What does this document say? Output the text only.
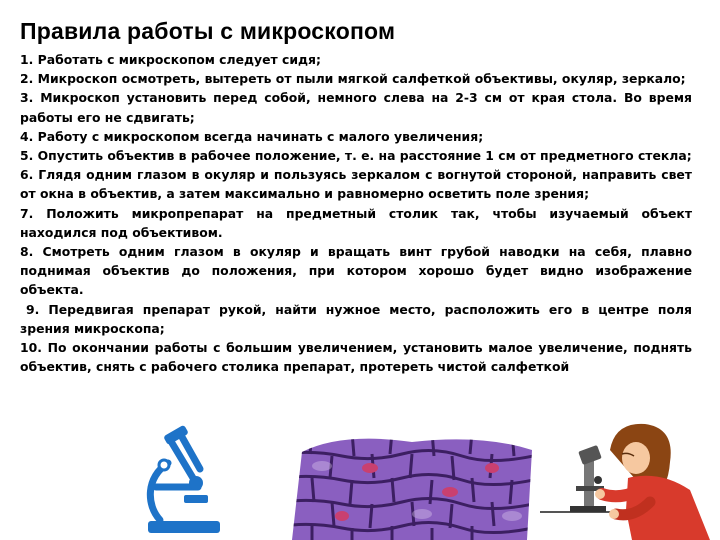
Правила работы с микроскопом

1. Работать с микроскопом следует сидя;

2. Микроскоп осмотреть, вытереть от пыли мягкой салфеткой объективы, окуляр, зеркало;

3. Микроскоп установить перед собой, немного слева на 2-3 см от края стола. Во время работы его не сдвигать;

4. Работу с микроскопом всегда начинать с малого увеличения;

5. Опустить объектив в рабочее положение, т. е. на расстояние 1 см от предметного стекла;

6. Глядя одним глазом в окуляр и пользуясь зеркалом с вогнутой стороной, направить свет от окна в объектив, а затем максимально и равномерно осветить поле зрения;

7. Положить микропрепарат на предметный столик так, чтобы изучаемый объект находился под объективом.

8. Смотреть одним глазом в окуляр и вращать винт грубой наводки на себя, плавно поднимая объектив до положения, при котором хорошо будет видно изображение объекта.

9. Передвигая препарат рукой, найти нужное место, расположить его в центре поля зрения микроскопа;

10. По окончании работы с большим увеличением, установить малое увеличение, поднять объектив, снять с рабочего столика препарат, протереть чистой салфеткой
